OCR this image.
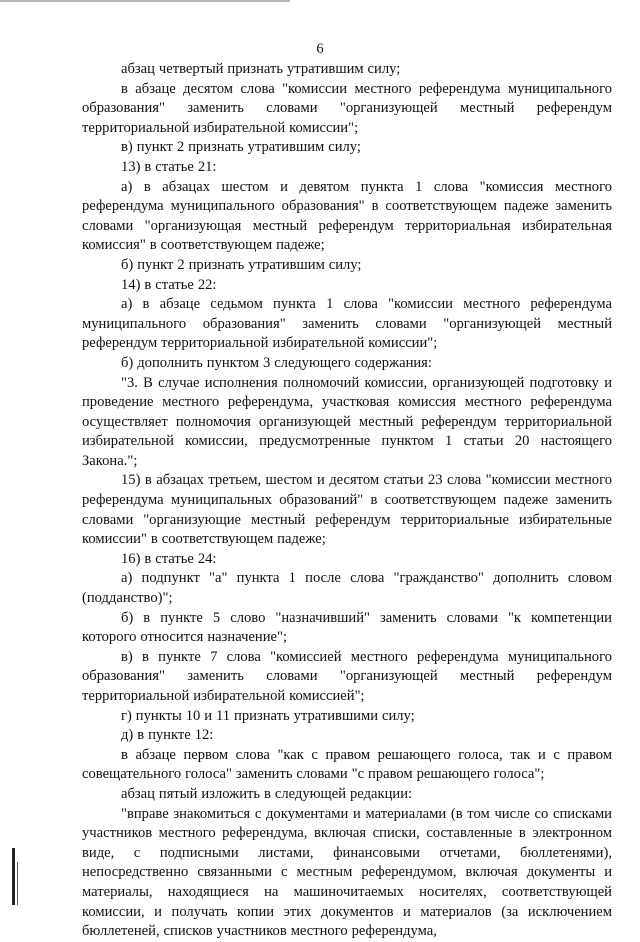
6

абзац четвертый признать утратившим силу;

в абзаце десятом слова "комиссии местного референдума муниципального образования" заменить словами "организующей местный референдум территориальной избирательной комиссии";

в) пункт 2 признать утратившим силу;

13) в статье 21:

а) в абзацах шестом и девятом пункта 1 слова "комиссия местного референдума муниципального образования" в соответствующем падеже заменить словами "организующая местный референдум территориальная избирательная комиссия" в соответствующем падеже;

б) пункт 2 признать утратившим силу;

14) в статье 22:

а) в абзаце седьмом пункта 1 слова "комиссии местного референдума муниципального образования" заменить словами "организующей местный референдум территориальной избирательной комиссии";

б) дополнить пунктом 3 следующего содержания:

"3. В случае исполнения полномочий комиссии, организующей подготовку и проведение местного референдума, участковая комиссия местного референдума осуществляет полномочия организующей местный референдум территориальной избирательной комиссии, предусмотренные пунктом 1 статьи 20 настоящего Закона.";

15) в абзацах третьем, шестом и десятом статьи 23 слова "комиссии местного референдума муниципальных образований" в соответствующем падеже заменить словами "организующие местный референдум территориальные избирательные комиссии" в соответствующем падеже;

16) в статье 24:

а) подпункт "а" пункта 1 после слова "гражданство" дополнить словом (подданство)";

б) в пункте 5 слово "назначивший" заменить словами "к компетенции которого относится назначение";

в) в пункте 7 слова "комиссией местного референдума муниципального образования" заменить словами "организующей местный референдум территориальной избирательной комиссией";

г) пункты 10 и 11 признать утратившими силу;

д) в пункте 12:

в абзаце первом слова "как с правом решающего голоса, так и с правом совещательного голоса" заменить словами "с правом решающего голоса";

абзац пятый изложить в следующей редакции:

"вправе знакомиться с документами и материалами (в том числе со списками участников местного референдума, включая списки, составленные в электронном виде, с подписными листами, финансовыми отчетами, бюллетенями), непосредственно связанными с местным референдумом, включая документы и материалы, находящиеся на машиночитаемых носителях, соответствующей комиссии, и получать копии этих документов и материалов (за исключением бюллетеней, списков участников местного референдума,
